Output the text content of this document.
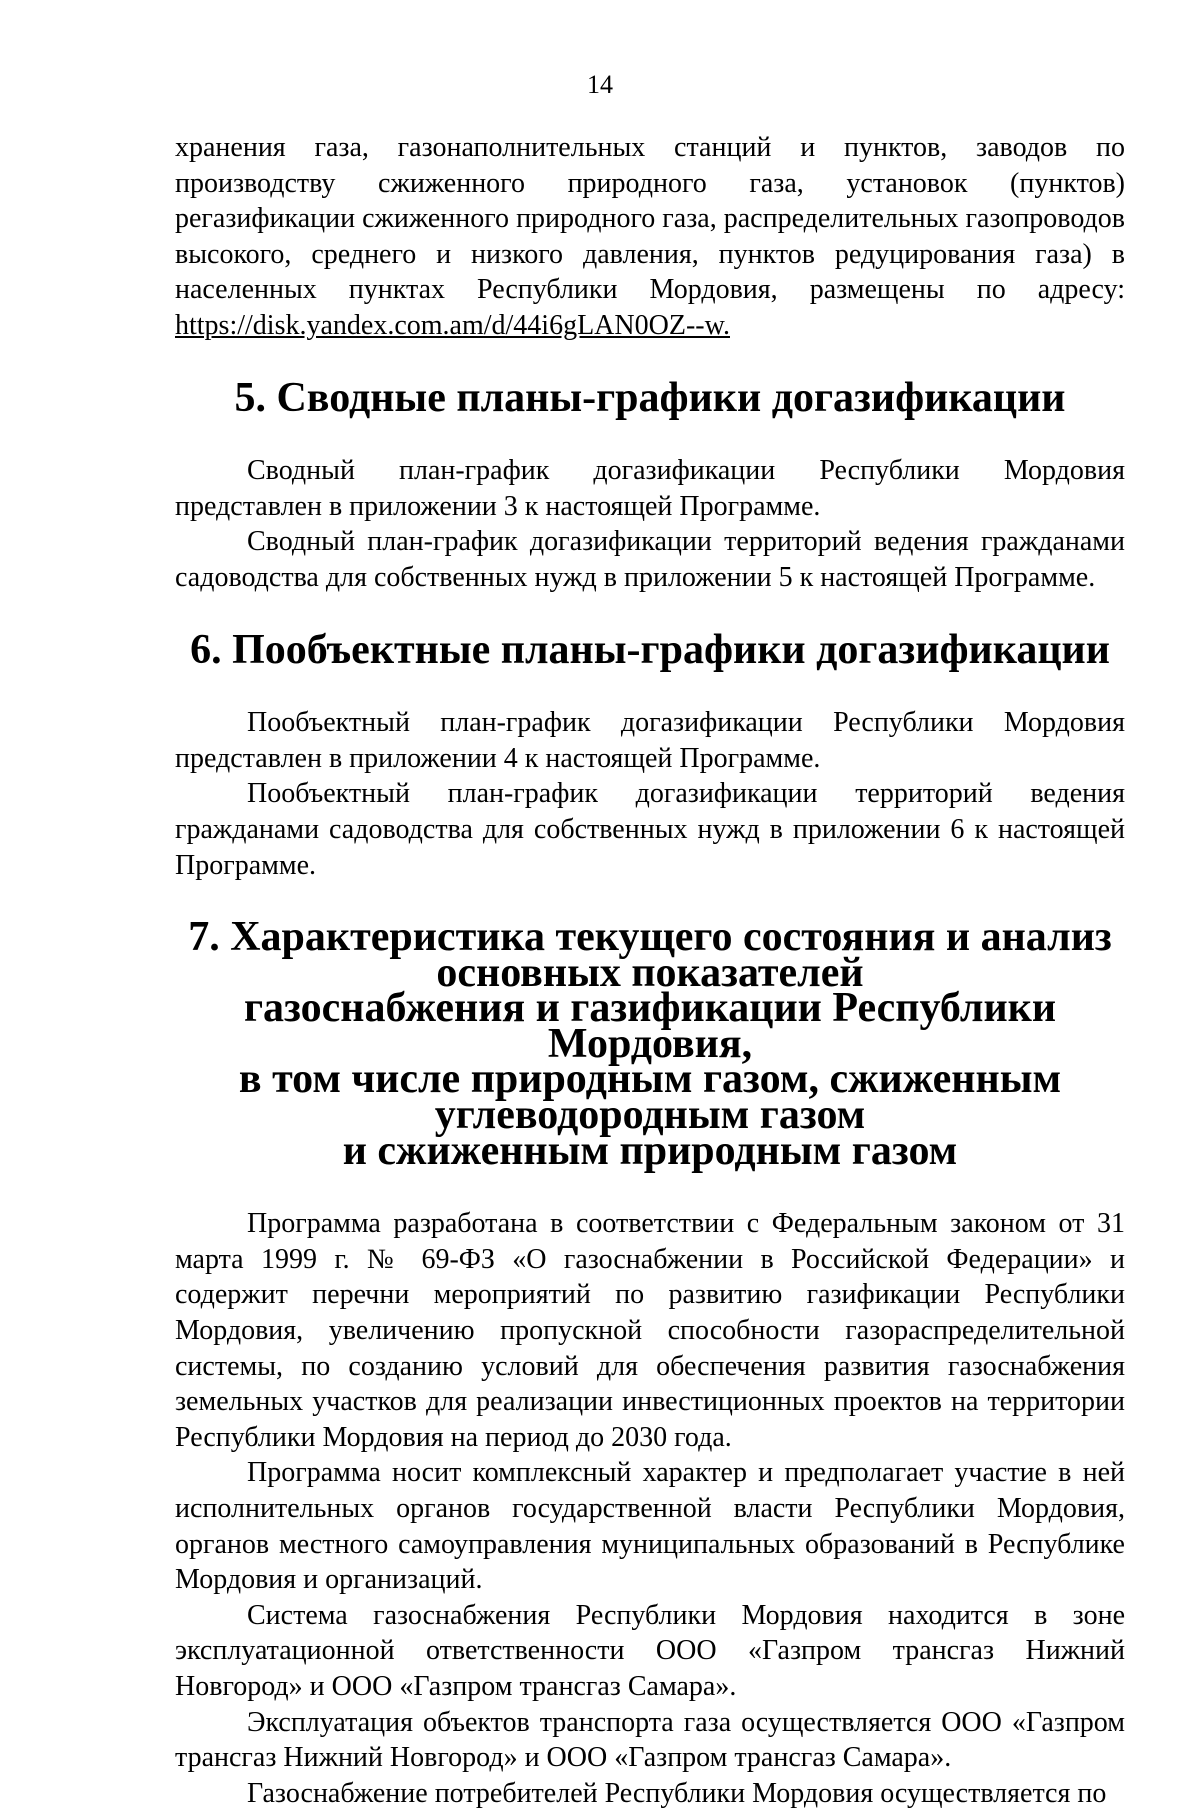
14

хранения газа, газонаполнительных станций и пунктов, заводов по производству сжиженного природного газа, установок (пунктов) регазификации сжиженного природного газа, распределительных газопроводов высокого, среднего и низкого давления, пунктов редуцирования газа) в населенных пунктах Республики Мордовия, размещены по адресу: https://disk.yandex.com.am/d/44i6gLAN0OZ--w.

5. Сводные планы-графики догазификации

Сводный план-график догазификации Республики Мордовия представлен в приложении 3 к настоящей Программе.

Сводный план-график догазификации территорий ведения гражданами садоводства для собственных нужд в приложении 5 к настоящей Программе.

6. Пообъектные планы-графики догазификации

Пообъектный план-график догазификации Республики Мордовия представлен в приложении 4 к настоящей Программе.

Пообъектный план-график догазификации территорий ведения гражданами садоводства для собственных нужд в приложении 6 к настоящей Программе.

7. Характеристика текущего состояния и анализ основных показателей
газоснабжения и газификации Республики Мордовия,
в том числе природным газом, сжиженным углеводородным газом
и сжиженным природным газом

Программа разработана в соответствии с Федеральным законом от 31 марта 1999 г. № 69-ФЗ «О газоснабжении в Российской Федерации» и содержит перечни мероприятий по развитию газификации Республики Мордовия, увеличению пропускной способности газораспределительной системы, по созданию условий для обеспечения развития газоснабжения земельных участков для реализации инвестиционных проектов на территории Республики Мордовия на период до 2030 года.

Программа носит комплексный характер и предполагает участие в ней исполнительных органов государственной власти Республики Мордовия, органов местного самоуправления муниципальных образований в Республике Мордовия и организаций.

Система газоснабжения Республики Мордовия находится в зоне эксплуатационной ответственности ООО «Газпром трансгаз Нижний Новгород» и ООО «Газпром трансгаз Самара».

Эксплуатация объектов транспорта газа осуществляется ООО «Газпром трансгаз Нижний Новгород» и ООО «Газпром трансгаз Самара».

Газоснабжение потребителей Республики Мордовия осуществляется по
